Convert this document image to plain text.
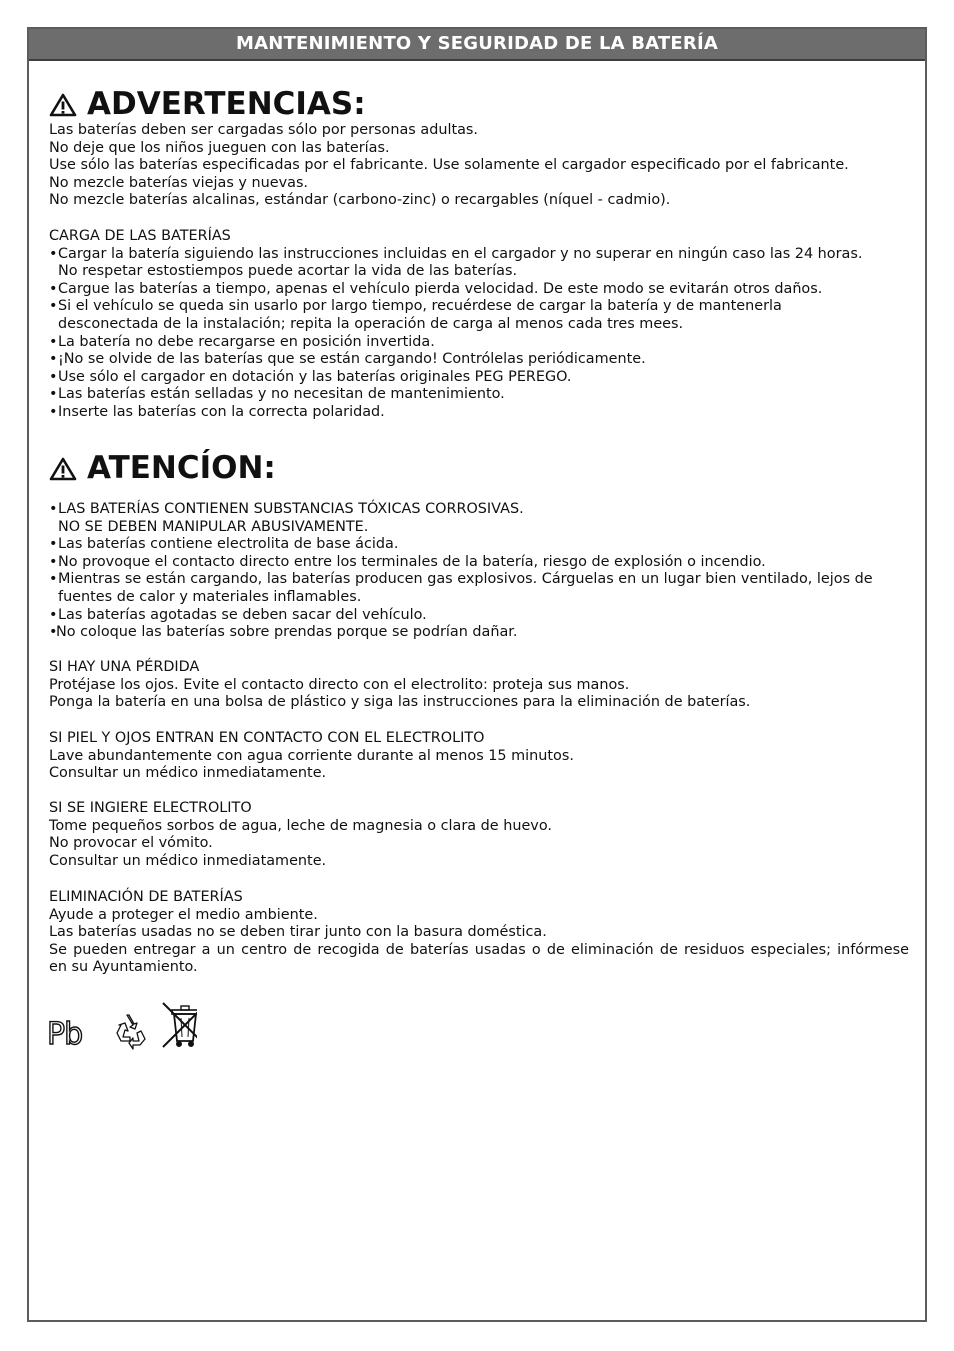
MANTENIMIENTO Y SEGURIDAD DE LA BATERÍA
ADVERTENCIAS:
Las baterías deben ser cargadas sólo por personas adultas.
No deje que los niños jueguen con las baterías.
Use sólo las baterías especificadas por el fabricante. Use solamente el cargador especificado por el fabricante.
No mezcle baterías viejas y nuevas.
No mezcle baterías alcalinas, estándar (carbono-zinc) o recargables (níquel - cadmio).
CARGA DE LAS BATERÍAS
• Cargar la batería siguiendo las instrucciones incluidas en el cargador y no superar en ningún caso las 24 horas.
No respetar estostiempos puede acortar la vida de las baterías.
• Cargue las baterías a tiempo, apenas el vehículo pierda velocidad. De este modo se evitarán otros daños.
• Si el vehículo se queda sin usarlo por largo tiempo, recuérdese de cargar la batería y de mantenerla
desconectada de la instalación; repita la operación de carga al menos cada tres mees.
• La batería no debe recargarse en posición invertida.
• ¡No se olvide de las baterías que se están cargando! Contrólelas periódicamente.
• Use sólo el cargador en dotación y las baterías originales PEG PEREGO.
• Las baterías están selladas y no necesitan de mantenimiento.
• Inserte las baterías con la correcta polaridad.
ATENCÍON:
• LAS BATERÍAS CONTIENEN SUBSTANCIAS TÓXICAS CORROSIVAS.
NO SE DEBEN MANIPULAR ABUSIVAMENTE.
• Las baterías contiene electrolita de base ácida.
• No provoque el contacto directo entre los terminales de la batería, riesgo de explosión o incendio.
• Mientras se están cargando, las baterías producen gas explosivos. Cárguelas en un lugar bien ventilado, lejos de
fuentes de calor y materiales inflamables.
• Las baterías agotadas se deben sacar del vehículo.
• No coloque las baterías sobre prendas porque se podrían dañar.
SI HAY UNA PÉRDIDA
Protéjase los ojos. Evite el contacto directo con el electrolito: proteja sus manos.
Ponga la batería en una bolsa de plástico y siga las instrucciones para la eliminación de baterías.
SI PIEL Y OJOS ENTRAN EN CONTACTO CON EL ELECTROLITO
Lave abundantemente con agua corriente durante al menos 15 minutos.
Consultar un médico inmediatamente.
SI SE INGIERE ELECTROLITO
Tome pequeños sorbos de agua, leche de magnesia o clara de huevo.
No provocar el vómito.
Consultar un médico inmediatamente.
ELIMINACIÓN DE BATERÍAS
Ayude a proteger el medio ambiente.
Las baterías usadas no se deben tirar junto con la basura doméstica.
Se pueden entregar a un centro de recogida de baterías usadas o de eliminación de residuos especiales; infórmese
en su Ayuntamiento.
Pb
